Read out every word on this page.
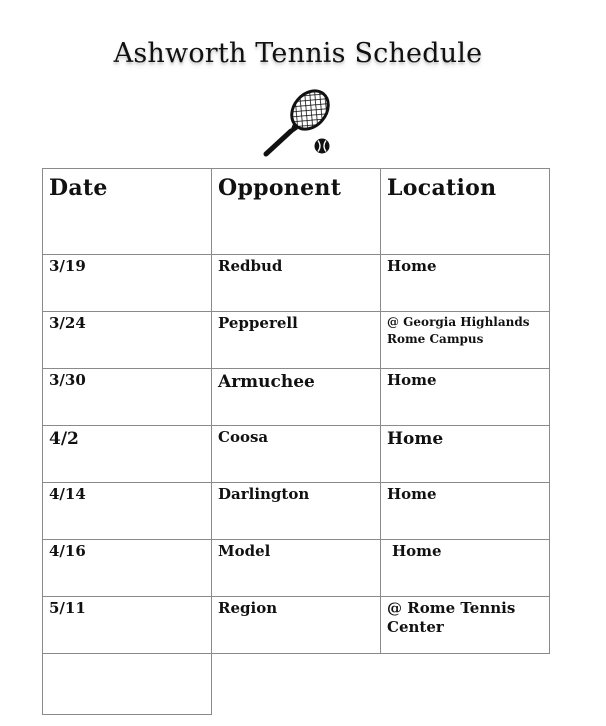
Ashworth Tennis Schedule
Date	Opponent	Location
3/19	Redbud	Home
3/24	Pepperell	@ Georgia Highlands Rome Campus
3/30	Armuchee	Home
4/2	Coosa	Home
4/14	Darlington	Home
4/16	Model	Home
5/11	Region	@ Rome Tennis Center
